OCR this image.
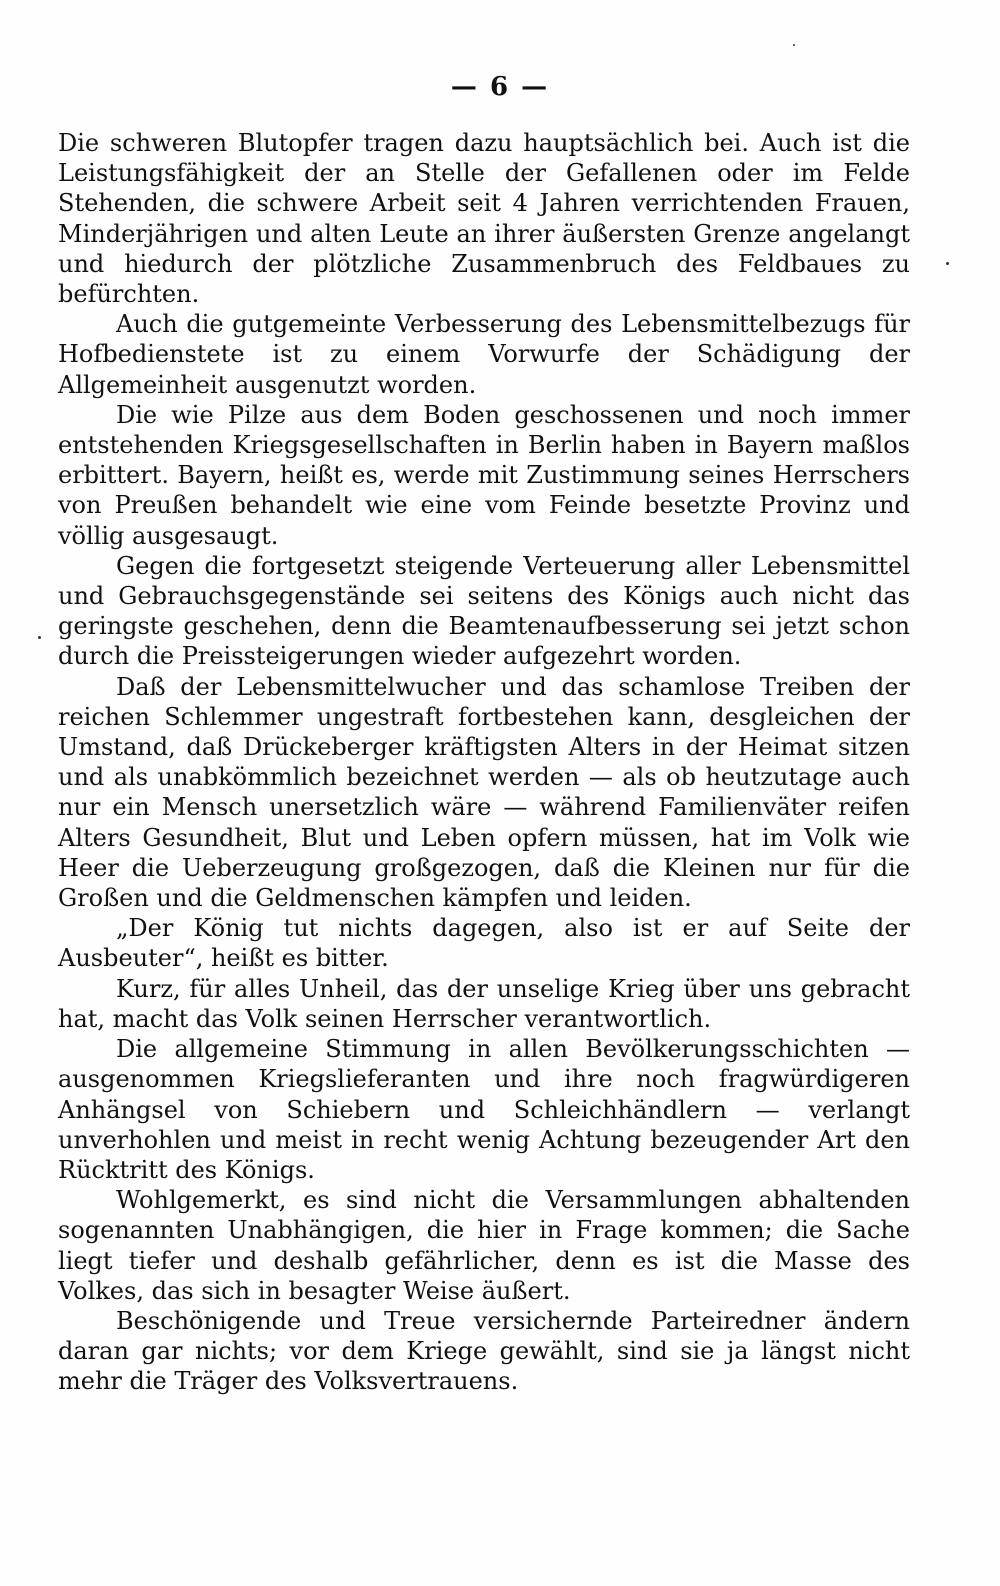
— 6 —

Die schweren Blutopfer tragen dazu hauptsächlich bei. Auch ist die Leistungsfähigkeit der an Stelle der Gefallenen oder im Felde Stehenden, die schwere Arbeit seit 4 Jahren verrichtenden Frauen, Minderjährigen und alten Leute an ihrer äußersten Grenze angelangt und hiedurch der plötzliche Zusammenbruch des Feldbaues zu befürchten.

Auch die gutgemeinte Verbesserung des Lebensmittelbezugs für Hofbedienstete ist zu einem Vorwurfe der Schädigung der Allgemeinheit ausgenutzt worden.

Die wie Pilze aus dem Boden geschossenen und noch immer entstehenden Kriegsgesellschaften in Berlin haben in Bayern maßlos erbittert. Bayern, heißt es, werde mit Zustimmung seines Herrschers von Preußen behandelt wie eine vom Feinde besetzte Provinz und völlig ausgesaugt.

Gegen die fortgesetzt steigende Verteuerung aller Lebensmittel und Gebrauchsgegenstände sei seitens des Königs auch nicht das geringste geschehen, denn die Beamtenaufbesserung sei jetzt schon durch die Preissteigerungen wieder aufgezehrt worden.

Daß der Lebensmittelwucher und das schamlose Treiben der reichen Schlemmer ungestraft fortbestehen kann, desgleichen der Umstand, daß Drückeberger kräftigsten Alters in der Heimat sitzen und als unabkömmlich bezeichnet werden — als ob heutzutage auch nur ein Mensch unersetzlich wäre — während Familienväter reifen Alters Gesundheit, Blut und Leben opfern müssen, hat im Volk wie Heer die Ueberzeugung großgezogen, daß die Kleinen nur für die Großen und die Geldmenschen kämpfen und leiden.

„Der König tut nichts dagegen, also ist er auf Seite der Ausbeuter“, heißt es bitter.

Kurz, für alles Unheil, das der unselige Krieg über uns gebracht hat, macht das Volk seinen Herrscher verantwortlich.

Die allgemeine Stimmung in allen Bevölkerungsschichten — ausgenommen Kriegslieferanten und ihre noch fragwürdigeren Anhängsel von Schiebern und Schleichhändlern — verlangt unverhohlen und meist in recht wenig Achtung bezeugender Art den Rücktritt des Königs.

Wohlgemerkt, es sind nicht die Versammlungen abhaltenden sogenannten Unabhängigen, die hier in Frage kommen; die Sache liegt tiefer und deshalb gefährlicher, denn es ist die Masse des Volkes, das sich in besagter Weise äußert.

Beschönigende und Treue versichernde Parteiredner ändern daran gar nichts; vor dem Kriege gewählt, sind sie ja längst nicht mehr die Träger des Volksvertrauens.
